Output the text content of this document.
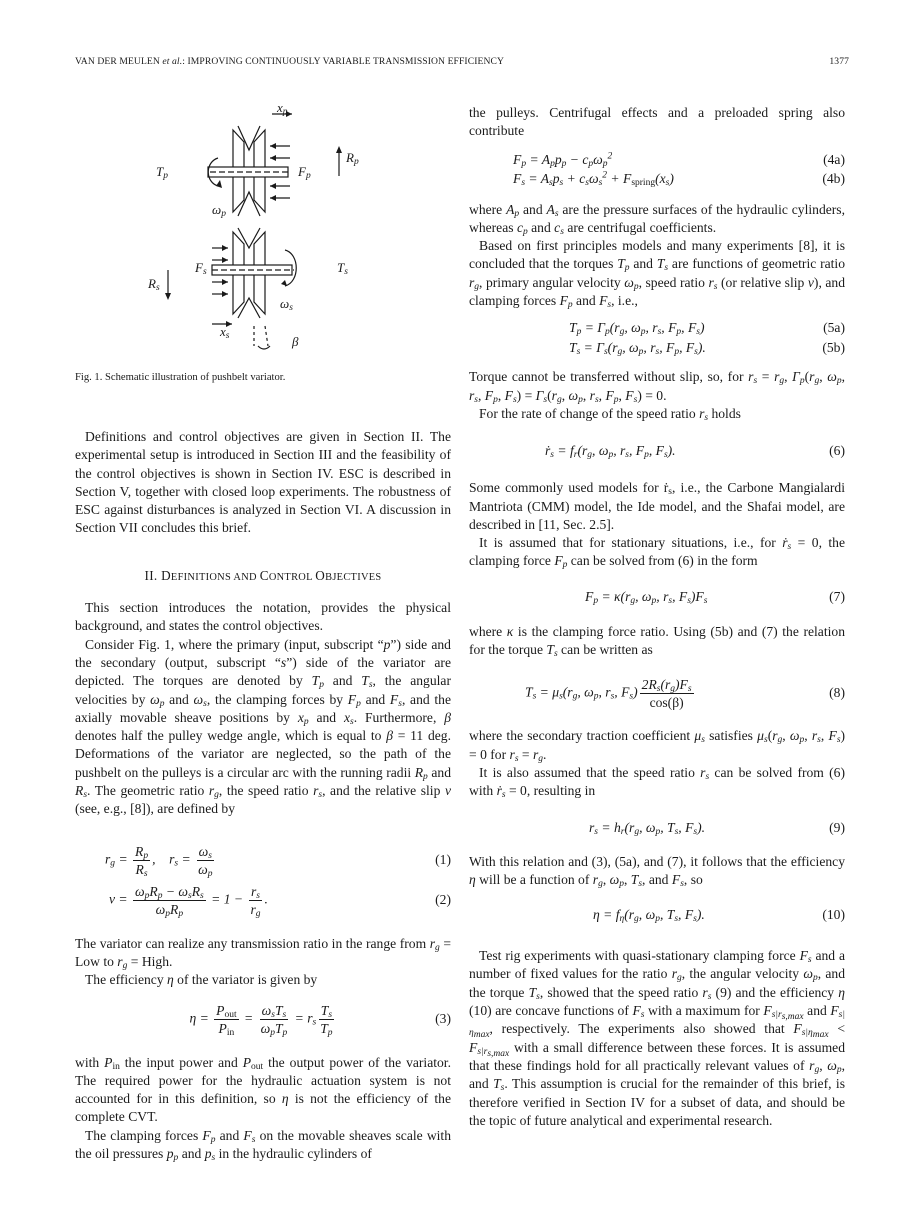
VAN DER MEULEN et al.: IMPROVING CONTINUOUSLY VARIABLE TRANSMISSION EFFICIENCY	1377
$x_p$
$R_p$
$T_p$	$F_p$
$\omega_p$
$F_s$	$T_s$
$R_s$
$\omega_s$
$x_s$	β
Fig. 1. Schematic illustration of pushbelt variator.

Definitions and control objectives are given in Section II. The experimental setup is introduced in Section III and the feasibility of the control objectives is shown in Section IV. ESC is described in Section V, together with closed loop experiments. The robustness of ESC against disturbances is analyzed in Section VI. A discussion in Section VII concludes this brief.

II. DEFINITIONS AND CONTROL OBJECTIVES

This section introduces the notation, provides the physical background, and states the control objectives.

Consider Fig. 1, where the primary (input, subscript “p”) side and the secondary (output, subscript “s”) side of the variator are depicted. The torques are denoted by $T_p$ and $T_s$, the angular velocities by $\omega_p$ and $\omega_s$, the clamping forces by $F_p$ and $F_s$, and the axially movable sheave positions by $x_p$ and $x_s$. Furthermore, β denotes half the pulley wedge angle, which is equal to β = 11 deg. Deformations of the variator are neglected, so the path of the pushbelt on the pulleys is a circular arc with the running radii $R_p$ and $R_s$. The geometric ratio $r_g$, the speed ratio $r_s$, and the relative slip ν (see, e.g., [8]), are defined by

$r_g = \frac{R_p}{R_s}$ ,    $r_s = \frac{\omega_s}{\omega_p}$	(1)
$\nu = \frac{\omega_pR_p - \omega_sR_s}{\omega_pR_p} = 1 - \frac{r_s}{r_g}$ .	(2)

The variator can realize any transmission ratio in the range from $r_g$ = Low to $r_g$ = High.

The efficiency η of the variator is given by

$\eta = \frac{P_{out}}{P_{in}} = \frac{\omega_sT_s}{\omega_pT_p} = r_s \frac{T_s}{T_p}$	(3)

with $P_{in}$ the input power and $P_{out}$ the output power of the variator. The required power for the hydraulic actuation system is not accounted for in this definition, so η is not the efficiency of the complete CVT.

The clamping forces $F_p$ and $F_s$ on the movable sheaves scale with the oil pressures $p_p$ and $p_s$ in the hydraulic cylinders of

the pulleys. Centrifugal effects and a preloaded spring also contribute

$F_p = A_pp_p - c_p\omega_p^2$	(4a)
$F_s = A_sp_s + c_s\omega_s^2 + F_{spring}(x_s)$	(4b)

where $A_p$ and $A_s$ are the pressure surfaces of the hydraulic cylinders, whereas $c_p$ and $c_s$ are centrifugal coefficients.

Based on first principles models and many experiments [8], it is concluded that the torques $T_p$ and $T_s$ are functions of geometric ratio $r_g$, primary angular velocity $\omega_p$, speed ratio $r_s$ (or relative slip ν), and clamping forces $F_p$ and $F_s$, i.e.,

$T_p = \Gamma_p(r_g$, $\omega_p$, $r_s$, $F_p$, $F_s$)	(5a)
$T_s = \Gamma_s(r_g$, $\omega_p$, $r_s$, $F_p$, $F_s$).	(5b)

Torque cannot be transferred without slip, so, for $r_s = r_g$, $\Gamma_p(r_g$, $\omega_p$, $r_s$, $F_p$, $F_s) = \Gamma_s(r_g$, $\omega_p$, $r_s$, $F_p$, $F_s) = 0$.

For the rate of change of the speed ratio $r_s$ holds

ṙ$_s$ = $f_r(r_g$, $\omega_p$, $r_s$, $F_p$, $F_s$).	(6)

Some commonly used models for ṙ$_s$, i.e., the Carbone Mangialardi Mantriota (CMM) model, the Ide model, and the Shafai model, are described in [11, Sec. 2.5].

It is assumed that for stationary situations, i.e., for ṙ$_s$ = 0, the clamping force $F_p$ can be solved from (6) in the form

$F_p = \kappa(r_g$, $\omega_p$, $r_s$, $F_s)F_s$	(7)

where κ is the clamping force ratio. Using (5b) and (7) the relation for the torque $T_s$ can be written as

$T_s = \mu_s(r_g$, $\omega_p$, $r_s$, $F_s) \frac{2R_s(r_g)F_s}{\cos(\beta)}$	(8)

where the secondary traction coefficient $\mu_s$ satisfies $\mu_s(r_g$, $\omega_p$, $r_s$, $F_s) = 0$ for $r_s = r_g$.

It is also assumed that the speed ratio $r_s$ can be solved from (6) with ṙ$_s$ = 0, resulting in

$r_s = h_r(r_g$, $\omega_p$, $T_s$, $F_s$).	(9)

With this relation and (3), (5a), and (7), it follows that the efficiency η will be a function of $r_g$, $\omega_p$, $T_s$, and $F_s$, so

$\eta = f_\eta(r_g$, $\omega_p$, $T_s$, $F_s$).	(10)

Test rig experiments with quasi-stationary clamping force $F_s$ and a number of fixed values for the ratio $r_g$, the angular velocity $\omega_p$, and the torque $T_s$, showed that the speed ratio $r_s$ (9) and the efficiency η (10) are concave functions of $F_s$ with a maximum for $F_{s|r_{s,max}}$ and $F_{s|\eta_{max}}$, respectively. The experiments also showed that $F_{s|\eta_{max}} < F_{s|r_{s,max}}$ with a small difference between these forces. It is assumed that these findings hold for all practically relevant values of $r_g$, $\omega_p$, and $T_s$. This assumption is crucial for the remainder of this brief, is therefore verified in Section IV for a subset of data, and should be the topic of future analytical and experimental research.
